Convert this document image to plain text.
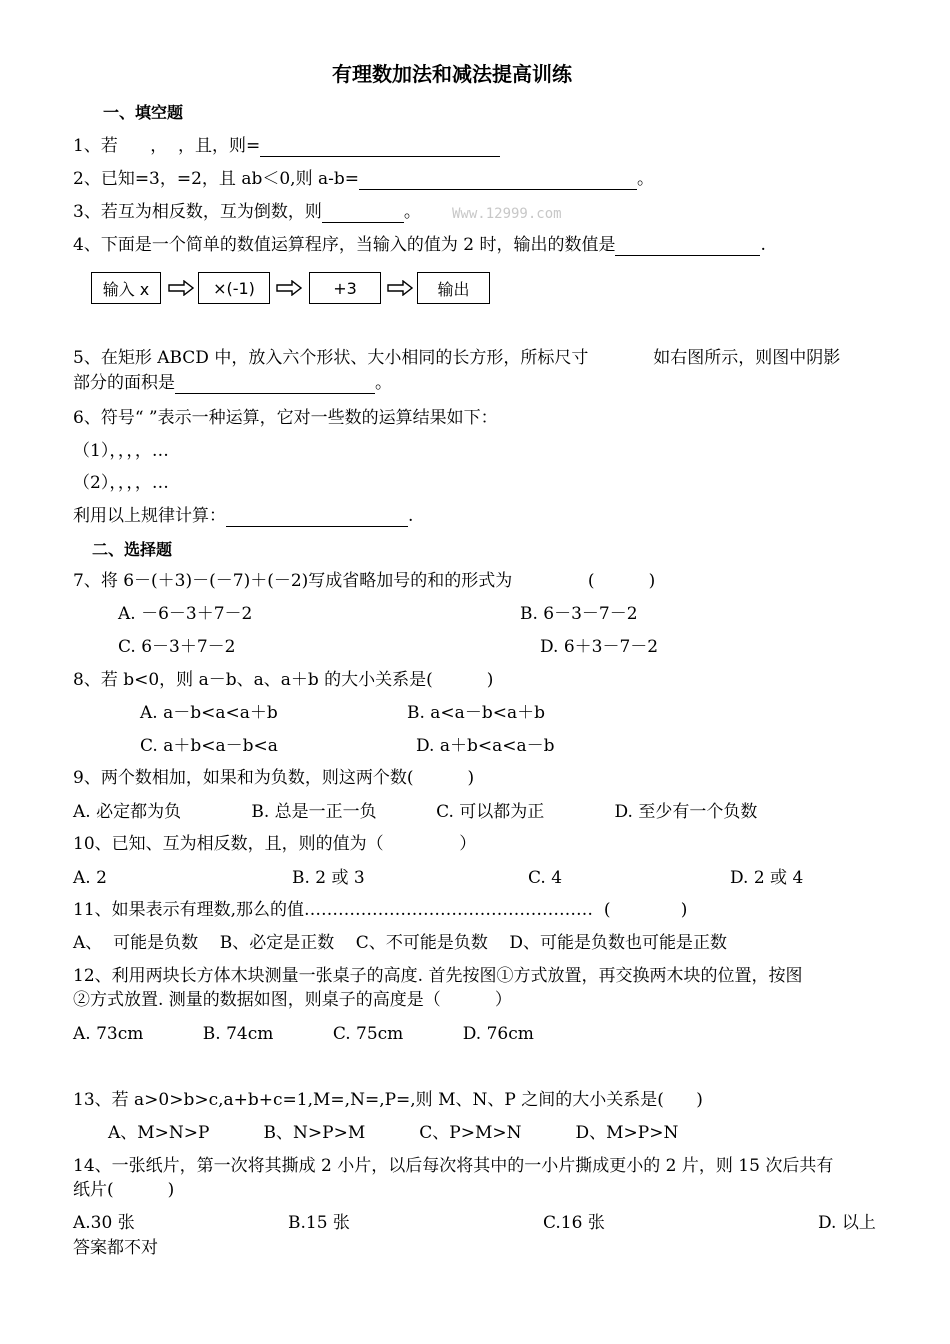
有理数加法和减法提高训练
一、填空题
1、若      ，  ，且，则=
2、已知=3，=2，且 ab＜0,则 a-b=	。
3、若互为相反数，互为倒数，则	。 Www.12999.com
4、下面是一个简单的数值运算程序，当输入的值为 2 时，输出的数值是	.
输入 x	×(-1)	+3	输出
5、在矩形 ABCD 中，放入六个形状、大小相同的长方形，所标尺寸            如右图所示，则图中阴影
部分的面积是	。
6、符号“ ”表示一种运算，它对一些数的运算结果如下：
（1），，，，…
（2），，，，…
利用以上规律计算：	.
二、选择题
7、将 6－(＋3)－(－7)＋(－2)写成省略加号的和的形式为              (          )
A. －6－3＋7－2	B. 6－3－7－2
C. 6－3＋7－2	D. 6＋3－7－2
8、若 b<0，则 a－b、a、a＋b 的大小关系是(          )
A. a－b<a<a＋b	B. a<a－b<a＋b
C. a＋b<a－b<a	D. a＋b<a<a－b
9、两个数相加，如果和为负数，则这两个数(          )
A. 必定都为负             B. 总是一正一负           C. 可以都为正             D. 至少有一个负数
10、已知、互为相反数，且，则的值为（              ）
A. 2	B. 2 或 3	C. 4	D. 2 或 4
11、如果表示有理数,那么的值……………………………………………  (             )
A、  可能是负数    B、必定是正数    C、不可能是负数    D、可能是负数也可能是正数
12、利用两块长方体木块测量一张桌子的高度. 首先按图①方式放置，再交换两木块的位置，按图
②方式放置. 测量的数据如图，则桌子的高度是（          ）
A. 73cm           B. 74cm           C. 75cm           D. 76cm
13、若 a>0>b>c,a+b+c=1,M=,N=,P=,则 M、N、P 之间的大小关系是(      )
A、M>N>P          B、N>P>M          C、P>M>N          D、M>P>N
14、一张纸片，第一次将其撕成 2 小片，以后每次将其中的一小片撕成更小的 2 片，则 15 次后共有
纸片(          )
A.30 张	B.15 张	C.16 张	D. 以上
答案都不对
